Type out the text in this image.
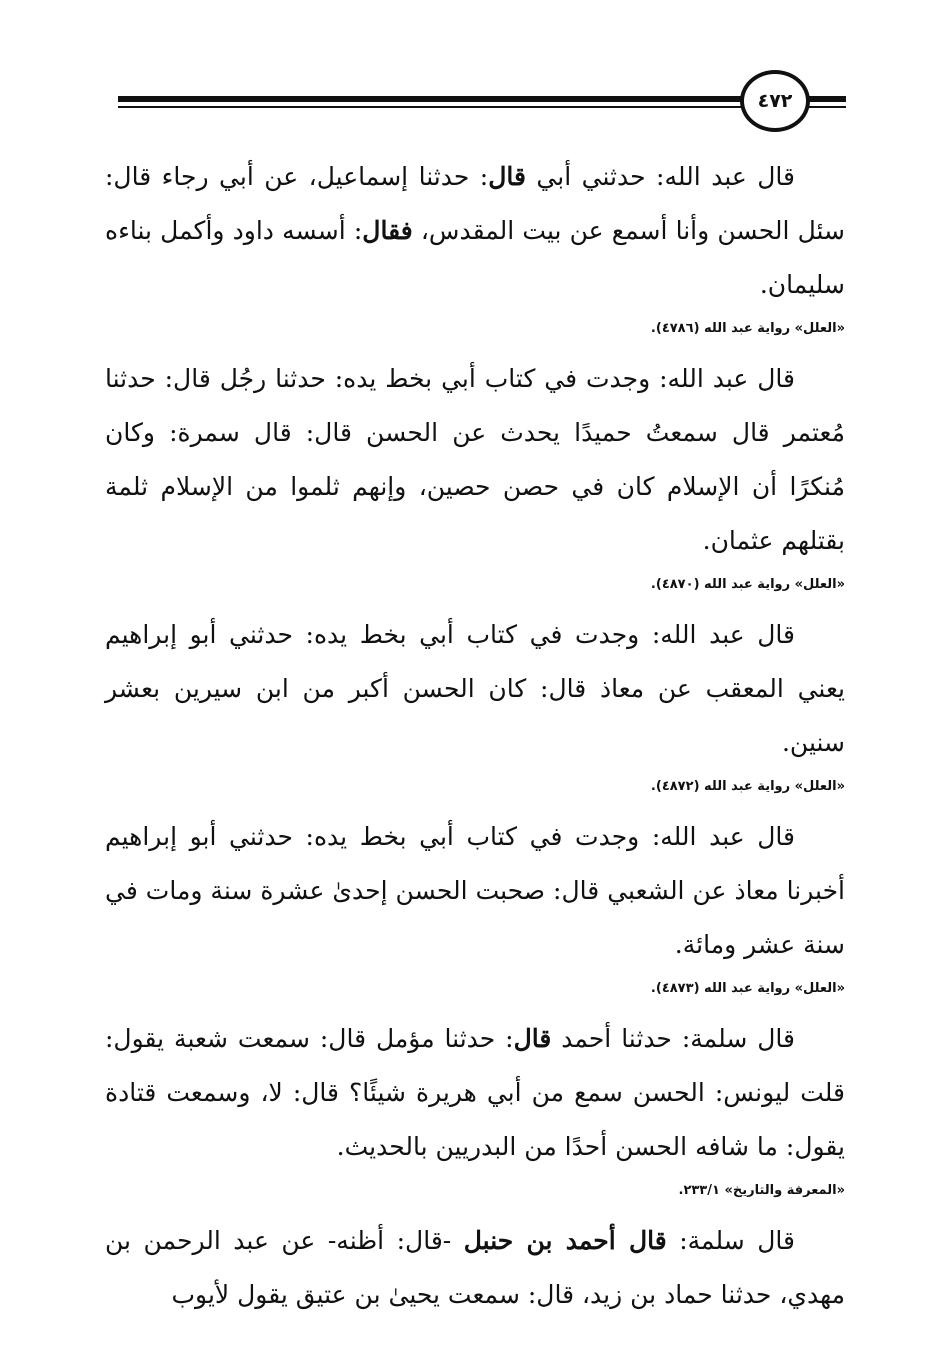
٤٧٢

قال عبد الله: حدثني أبي قال: حدثنا إسماعيل، عن أبي رجاء قال: سئل الحسن وأنا أسمع عن بيت المقدس، فقال: أسسه داود وأكمل بناءه سليمان.

«العلل» رواية عبد الله (٤٧٨٦).

قال عبد الله: وجدت في كتاب أبي بخط يده: حدثنا رجُل قال: حدثنا مُعتمر قال سمعتُ حميدًا يحدث عن الحسن قال: قال سمرة: وكان مُنكرًا أن الإسلام كان في حصن حصين، وإنهم ثلموا من الإسلام ثلمة بقتلهم عثمان.

«العلل» رواية عبد الله (٤٨٧٠).

قال عبد الله: وجدت في كتاب أبي بخط يده: حدثني أبو إبراهيم يعني المعقب عن معاذ قال: كان الحسن أكبر من ابن سيرين بعشر سنين.

«العلل» رواية عبد الله (٤٨٧٢).

قال عبد الله: وجدت في كتاب أبي بخط يده: حدثني أبو إبراهيم أخبرنا معاذ عن الشعبي قال: صحبت الحسن إحدىٰ عشرة سنة ومات في سنة عشر ومائة.

«العلل» رواية عبد الله (٤٨٧٣).

قال سلمة: حدثنا أحمد قال: حدثنا مؤمل قال: سمعت شعبة يقول: قلت ليونس: الحسن سمع من أبي هريرة شيئًا؟ قال: لا، وسمعت قتادة يقول: ما شافه الحسن أحدًا من البدريين بالحديث.

«المعرفة والتاريخ» ٢٣٣/١.

قال سلمة: قال أحمد بن حنبل -قال: أظنه- عن عبد الرحمن بن مهدي، حدثنا حماد بن زيد، قال: سمعت يحيىٰ بن عتيق يقول لأيوب
